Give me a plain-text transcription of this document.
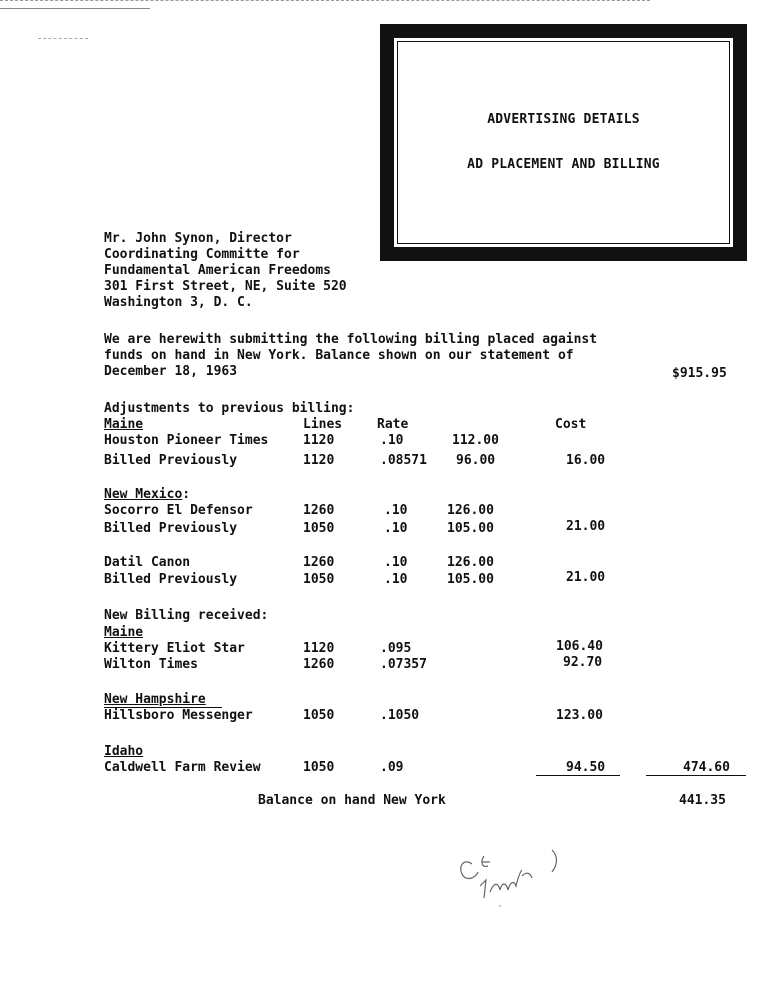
ADVERTISING DETAILS
AD PLACEMENT AND BILLING
Mr. John Synon, Director
Coordinating Committe for
Fundamental American Freedoms
301 First Street, NE, Suite 520
Washington 3, D. C.
We are herewith submitting the following billing placed against
funds on hand in New York. Balance shown on our statement of
December 18, 1963	$915.95
Adjustments to previous billing:
Lines	Rate	Cost
Maine
Houston Pioneer Times	1120	.10	112.00
Billed Previously	1120	.08571 96.00	16.00
New Mexico:
Socorro El Defensor	1260	.10	126.00
Billed Previously	1050	.10	105.00	21.00
Datil Canon	1260	.10	126.00
Billed Previously	1050	.10	105.00	21.00
New Billing received:
Maine
Kittery Eliot Star	1120	.095	106.40
Wilton Times	1260	.07357	92.70
New Hampshire
Hillsboro Messenger	1050	.1050	123.00
Idaho
Caldwell Farm Review	1050	.09	94.50	474.60
Balance on hand New York	441.35
